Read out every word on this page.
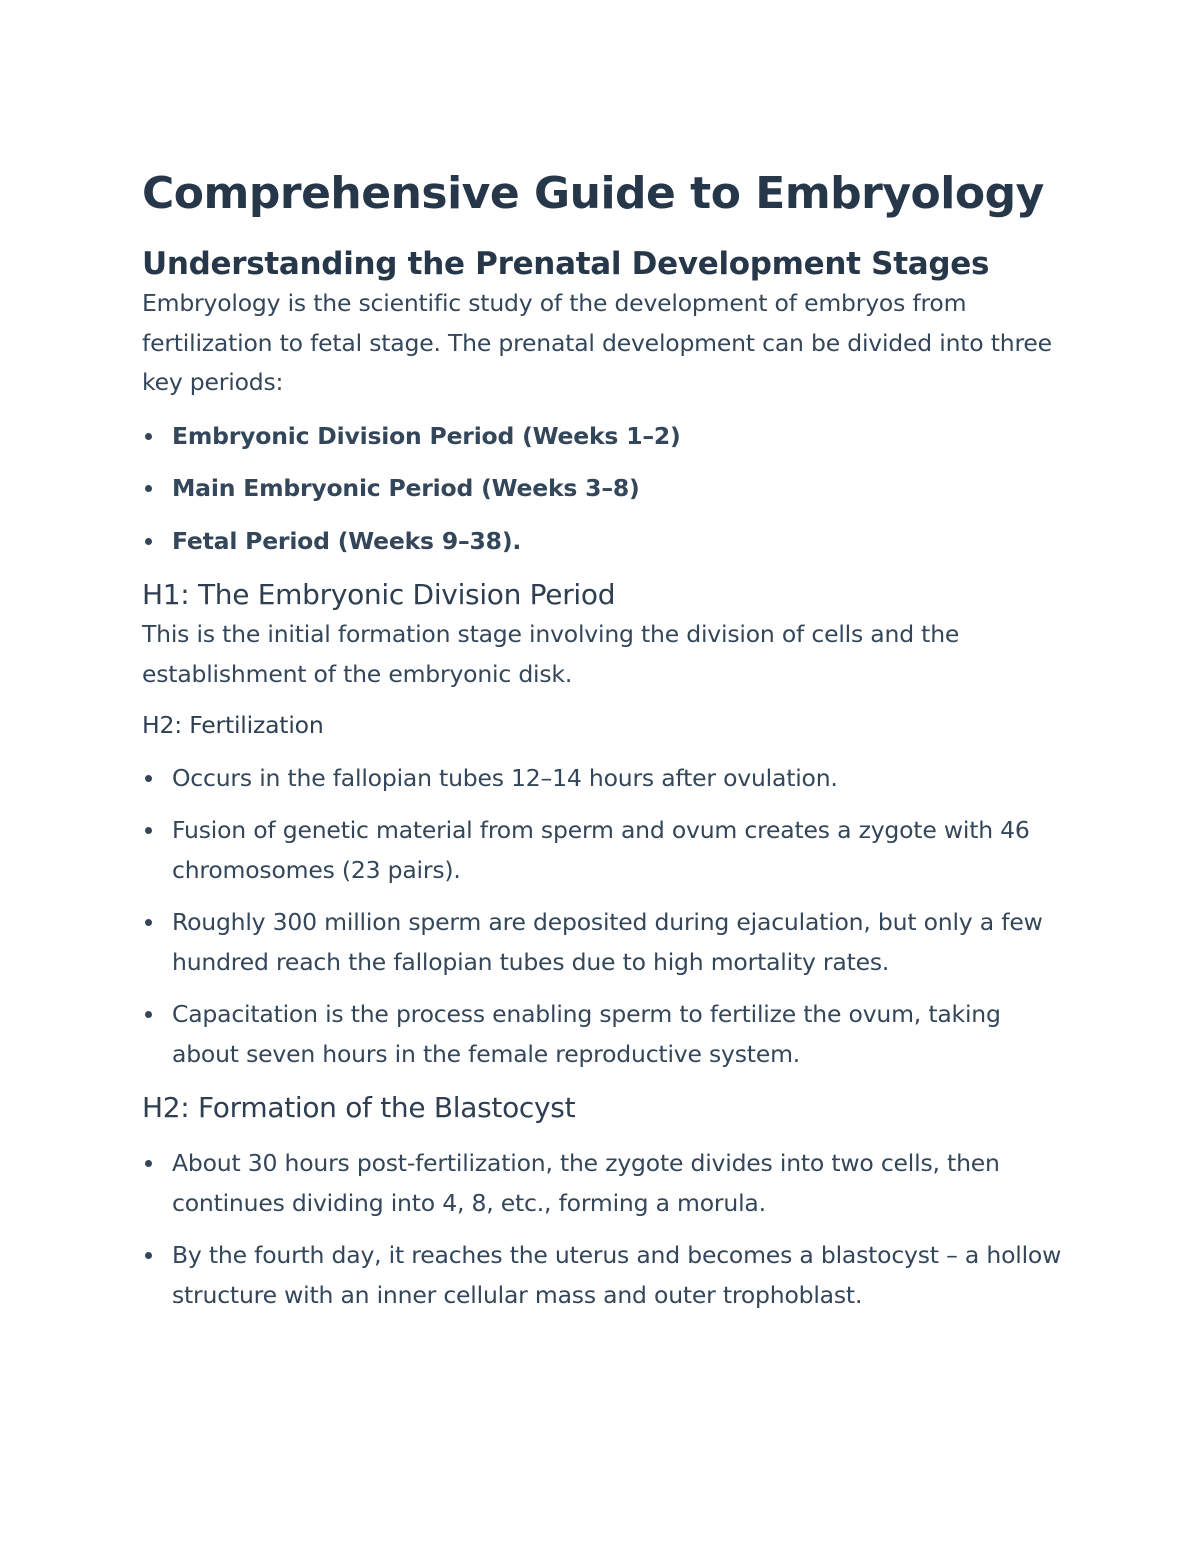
Comprehensive Guide to Embryology
Understanding the Prenatal Development Stages

Embryology is the scientific study of the development of embryos from fertilization to fetal stage. The prenatal development can be divided into three key periods:

Embryonic Division Period (Weeks 1–2)
Main Embryonic Period (Weeks 3–8)
Fetal Period (Weeks 9–38).
H1: The Embryonic Division Period

This is the initial formation stage involving the division of cells and the establishment of the embryonic disk.

H2: Fertilization
Occurs in the fallopian tubes 12–14 hours after ovulation.
Fusion of genetic material from sperm and ovum creates a zygote with 46 chromosomes (23 pairs).
Roughly 300 million sperm are deposited during ejaculation, but only a few hundred reach the fallopian tubes due to high mortality rates.
Capacitation is the process enabling sperm to fertilize the ovum, taking about seven hours in the female reproductive system.
H2: Formation of the Blastocyst
About 30 hours post-fertilization, the zygote divides into two cells, then continues dividing into 4, 8, etc., forming a morula.
By the fourth day, it reaches the uterus and becomes a blastocyst – a hollow structure with an inner cellular mass and outer trophoblast.
